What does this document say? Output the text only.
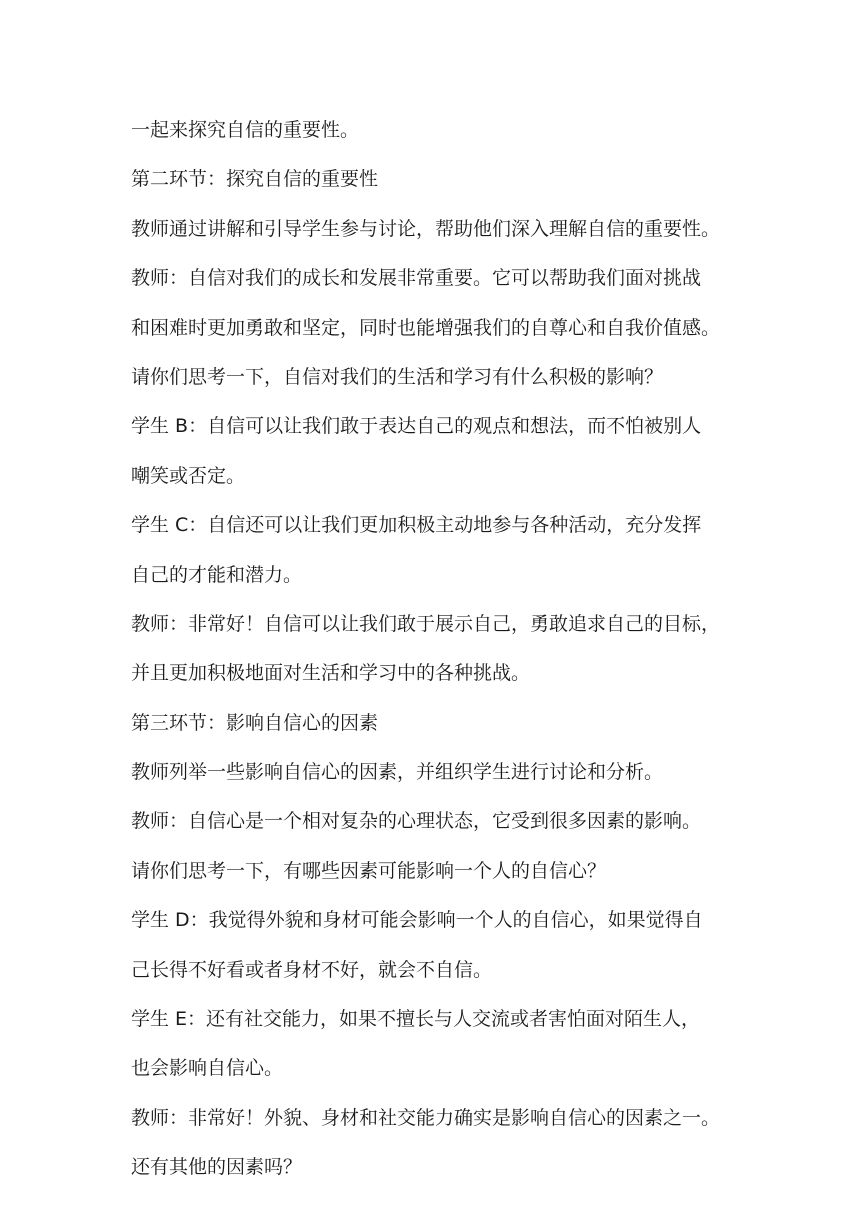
一起来探究自信的重要性。
第二环节：探究自信的重要性
教师通过讲解和引导学生参与讨论，帮助他们深入理解自信的重要性。
教师：自信对我们的成长和发展非常重要。它可以帮助我们面对挑战
和困难时更加勇敢和坚定，同时也能增强我们的自尊心和自我价值感。
请你们思考一下，自信对我们的生活和学习有什么积极的影响？
学生 B：自信可以让我们敢于表达自己的观点和想法，而不怕被别人
嘲笑或否定。
学生 C：自信还可以让我们更加积极主动地参与各种活动，充分发挥
自己的才能和潜力。
教师：非常好！自信可以让我们敢于展示自己，勇敢追求自己的目标，
并且更加积极地面对生活和学习中的各种挑战。
第三环节：影响自信心的因素
教师列举一些影响自信心的因素，并组织学生进行讨论和分析。
教师：自信心是一个相对复杂的心理状态，它受到很多因素的影响。
请你们思考一下，有哪些因素可能影响一个人的自信心？
学生 D：我觉得外貌和身材可能会影响一个人的自信心，如果觉得自
己长得不好看或者身材不好，就会不自信。
学生 E：还有社交能力，如果不擅长与人交流或者害怕面对陌生人，
也会影响自信心。
教师：非常好！外貌、身材和社交能力确实是影响自信心的因素之一。
还有其他的因素吗？
